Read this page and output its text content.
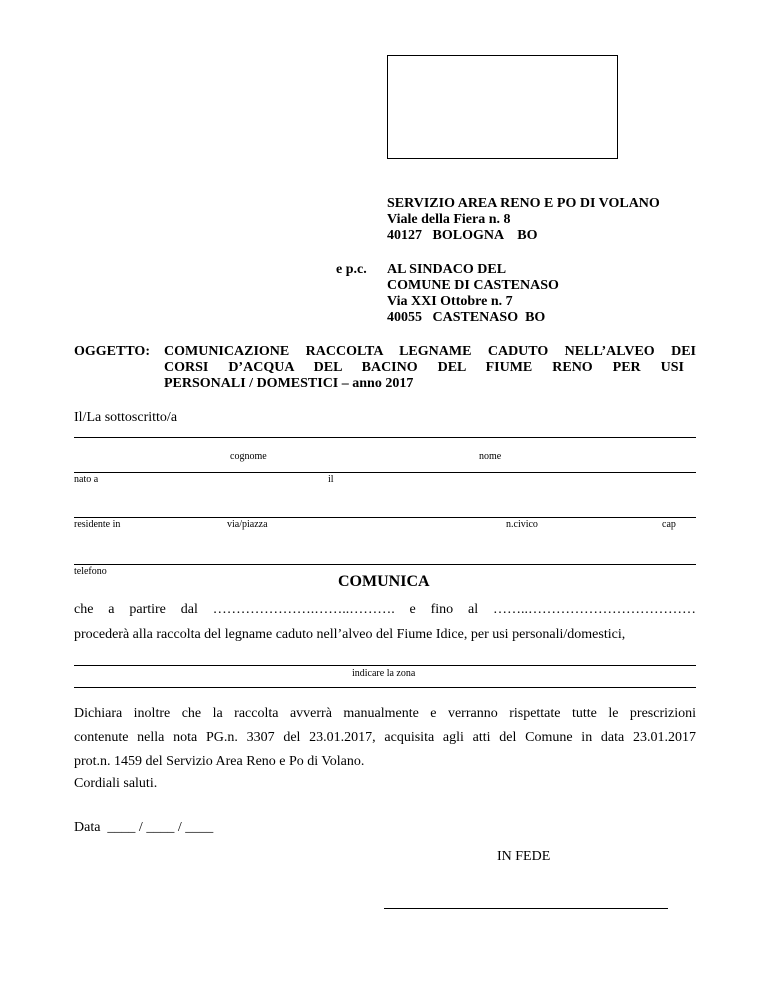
SERVIZIO AREA RENO E PO DI VOLANO
Viale della Fiera n. 8
40127   BOLOGNA    BO
e p.c. AL SINDACO DEL
COMUNE DI CASTENASO
Via XXI Ottobre n. 7
40055   CASTENASO  BO
OGGETTO: COMUNICAZIONE RACCOLTA LEGNAME CADUTO NELL’ALVEO DEI
CORSI D’ACQUA DEL BACINO DEL FIUME RENO PER USI
PERSONALI / DOMESTICI – anno 2017
Il/La sottoscritto/a
cognome	nome
nato a	il
residente in	via/piazza	n.civico	cap
telefono
COMUNICA
che  a  partire  dal  ………………….……..……….  e  fino  al  ……..………………………………
procederà alla raccolta del legname caduto nell’alveo del Fiume Idice, per usi personali/domestici,
indicare la zona
Dichiara inoltre che la raccolta avverrà manualmente e verranno rispettate tutte le prescrizioni
contenute nella nota PG.n. 3307 del 23.01.2017, acquisita agli atti del Comune in data 23.01.2017
prot.n. 1459 del Servizio Area Reno e Po di Volano.
Cordiali saluti.
Data  ____ / ____ / ____
IN FEDE
